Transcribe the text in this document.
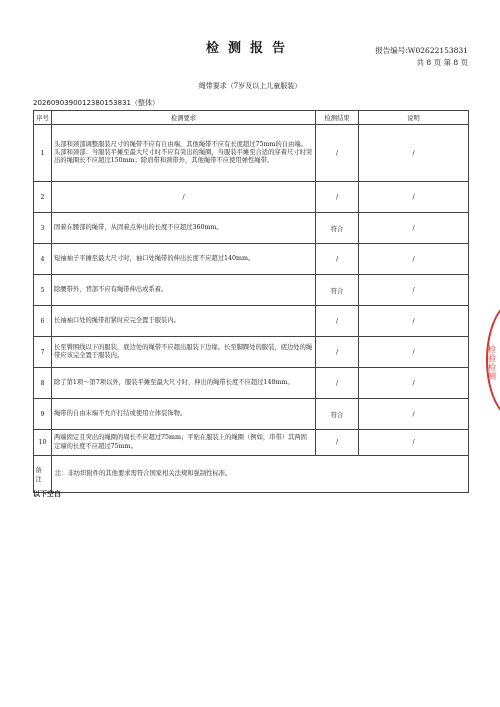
检测报告	报告编号:W02622153831
共 8 页 第 8 页
绳带要求（7岁及以上儿童服装）
20260903900123801538​31（整体）
序号	检测要求	检测结果	说明
1	头部和颈部调整服装尺寸的绳带不应有自由端，其他绳带不应有长度超过75mm的自由端。头部和颈部：当服装平摊至最大尺寸时不应有突出的绳圈，当服装平摊至合适的穿着尺寸时突出的绳圈长不应超过150mm；除肩带和颈带外，其他绳带不应使用弹性绳带。	/	/
2	/	/	/
3	固着在腰部的绳带，从固着点伸出的长度不应超过360mm。	符合	/
4	短袖袖子平摊至最大尺寸时，袖口处绳带的伸出长度不应超过140mm。	/	/
5	除腰带外，背部不应有绳带伸出或系着。	符合	/
6	长袖袖口处的绳带扣紧时应完全置于服装内。	/	/
7	长至臀围线以下的服装，底边处的绳带不应超出服装下边缘。长至脚踝处的服装，底边处的绳带应该完全置于服装内。	/	/
8	除了第1项～第7项以外，服装平摊至最大尺寸时，伸出的绳带长度不应超过140mm。	/	/
9	绳带的自由末端不允许打结或使用立体装饰物。	符合	/
10	两端固定且突出的绳圈的周长不应超过75mm；平贴在服装上的绳圈（例如，串带）其两固定端的长度不应超过75mm。	/	/
备注	注：非纺织附件的其他要求需符合国家相关法规和强制性标准。		
以下空白
检验检测
